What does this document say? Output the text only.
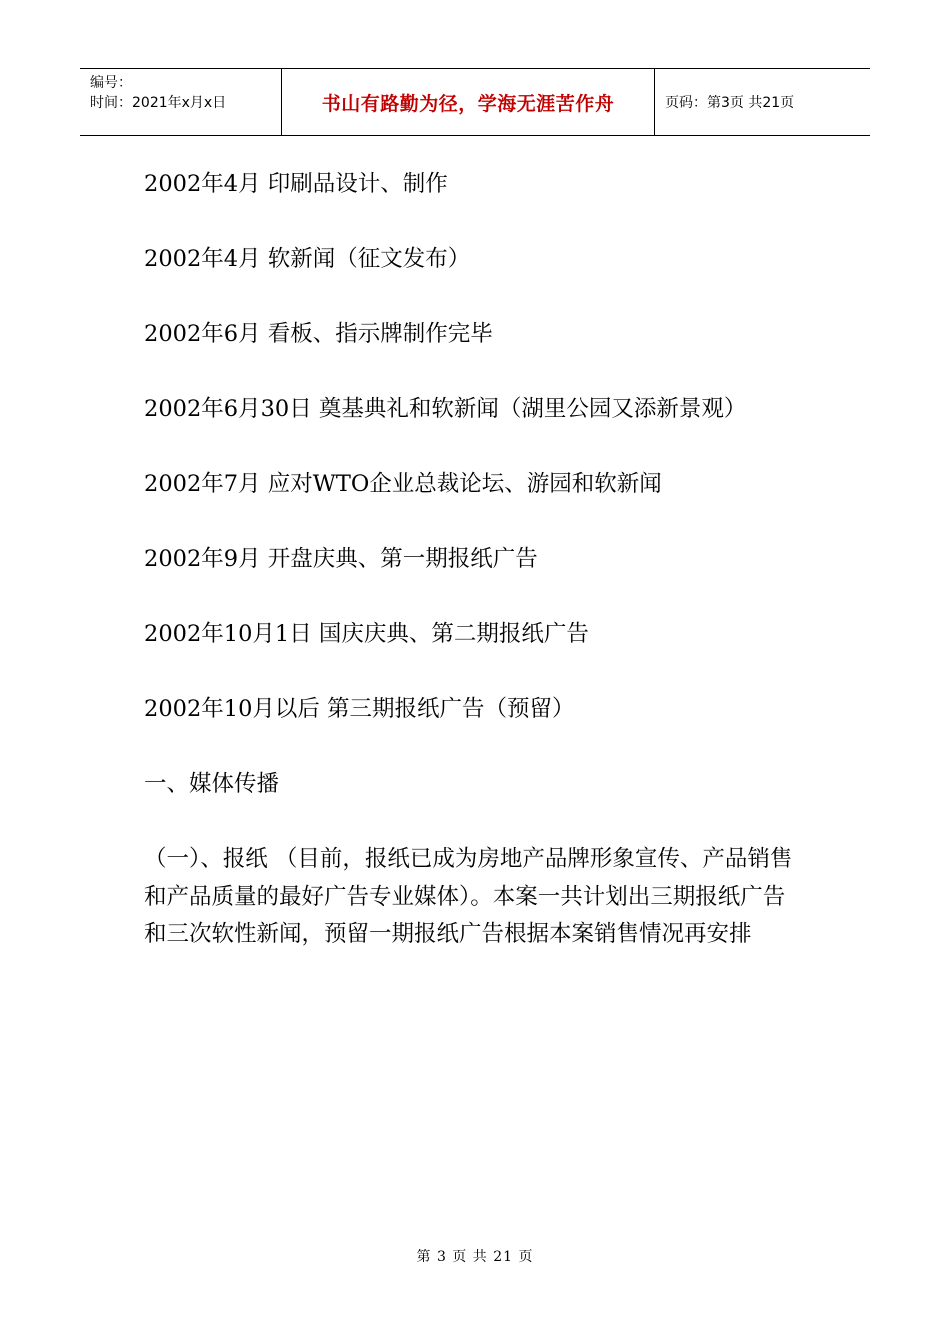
编号：
时间：2021年x月x日	书山有路勤为径，学海无涯苦作舟	页码：第3页 共21页

2002年4月 印刷品设计、制作

2002年4月 软新闻（征文发布）

2002年6月 看板、指示牌制作完毕

2002年6月30日 奠基典礼和软新闻（湖里公园又添新景观）

2002年7月 应对WTO企业总裁论坛、游园和软新闻

2002年9月 开盘庆典、第一期报纸广告

2002年10月1日 国庆庆典、第二期报纸广告

2002年10月以后 第三期报纸广告（预留）

一、媒体传播

（一）、报纸 （目前，报纸已成为房地产品牌形象宣传、产品销售和产品质量的最好广告专业媒体）。本案一共计划出三期报纸广告和三次软性新闻，预留一期报纸广告根据本案销售情况再安排

第 3 页 共 21 页
